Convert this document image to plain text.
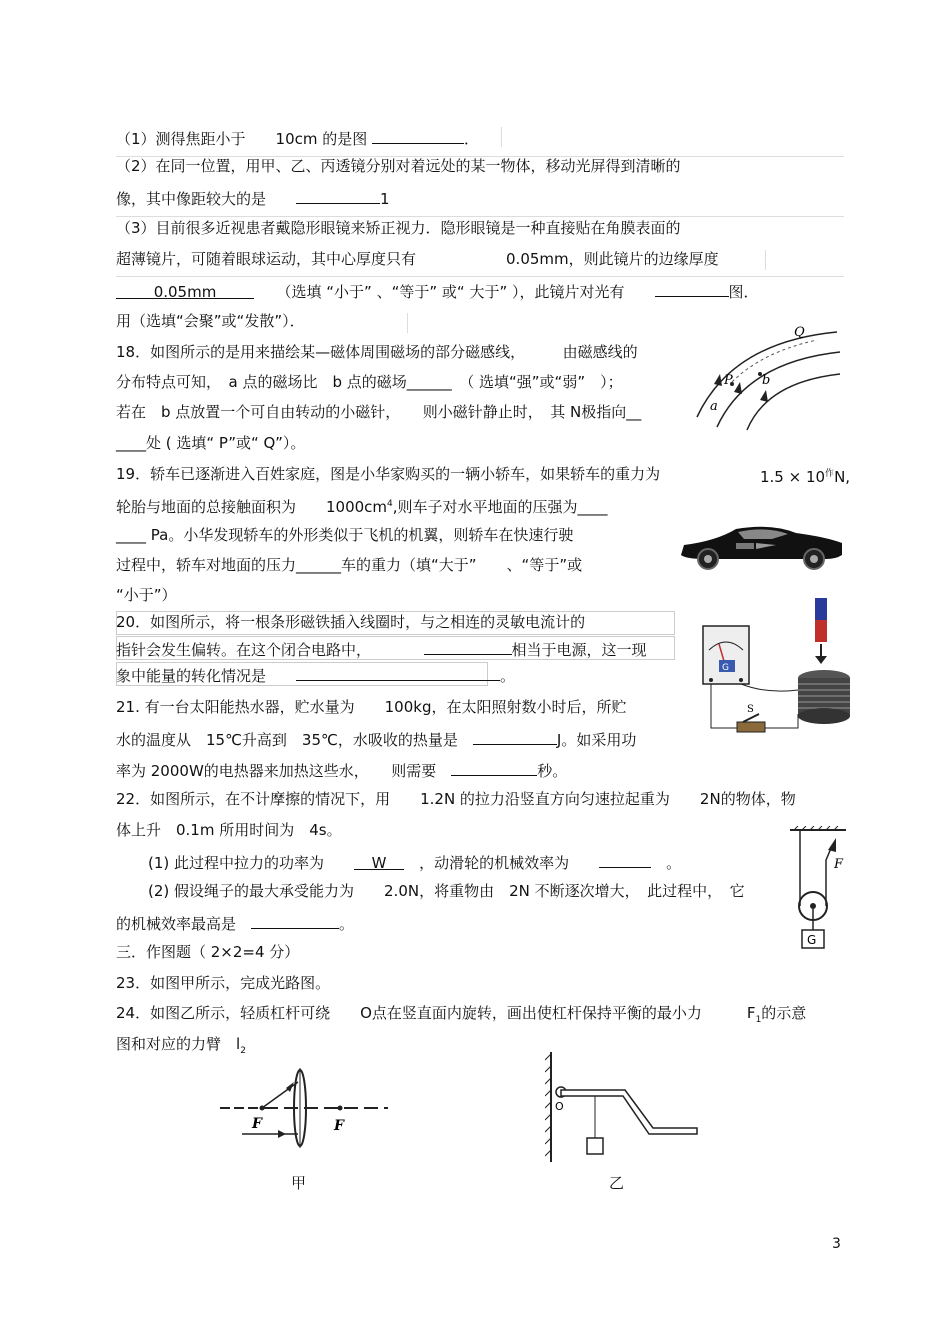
（1）测得焦距小于　　10cm 的是图	．
（2）在同一位置，用甲、乙、丙透镜分别对着远处的某一物体，移动光屏得到清晰的
像，其中像距较大的是　　	1
（3）目前很多近视患者戴隐形眼镜来矫正视力．隐形眼镜是一种直接贴在角膜表面的
超薄镜片，可随着眼球运动，其中心厚度只有　　　　　　0.05mm，则此镜片的边缘厚度
0.05mm　　	（选填 “小于” 、“等于” 或“ 大于” ），此镜片对光有　　	图．
用（选填“会聚”或“发散”）．
18．如图所示的是用来描绘某—磁体周围磁场的部分磁感线，　　　由磁感线的
分布特点可知，　a 点的磁场比　b 点的磁场______　（ 选填“强”或“弱”　）；
若在　b 点放置一个可自由转动的小磁针，　　则小磁针静止时，　其 N极指向__
____处 ( 选填“ P”或“ Q”）。
19．轿车已逐渐进入百姓家庭，图是小华家购买的一辆小轿车，如果轿车的重力为	$1.5 \times 10^作N$,
轮胎与地面的总接触面积为　　$1000cm^4$,则车子对水平地面的压强为____
____ Pa。小华发现轿车的外形类似于飞机的机翼，则轿车在快速行驶
过程中，轿车对地面的压力______车的重力（填“大于”　　、“等于”或
“小于”）
20．如图所示，将一根条形磁铁插入线圈时，与之相连的灵敏电流计的
指针会发生偏转。在这个闭合电路中，　　　　	相当于电源，这一现
象中能量的转化情况是　　	。
21. 有一台太阳能热水器，贮水量为　　100kg，在太阳照射数小时后，所贮
水的温度从　15℃升高到　35℃，水吸收的热量是　	J。如采用功
率为 2000W的电热器来加热这些水，　　则需要　	秒。
22．如图所示，在不计摩擦的情况下，用　　1.2N 的拉力沿竖直方向匀速拉起重为　　2N的物体，物
体上升　0.1m 所用时间为　4s。
(1) 此过程中拉力的功率为　　	W　 ，动滑轮的机械效率为　　　	。
(2) 假设绳子的最大承受能力为　　2.0N，将重物由　2N 不断逐次增大，　此过程中，　它
的机械效率最高是　	。
三．作图题（ 2×2=4 分）
23．如图甲所示，完成光路图。
24．如图乙所示，轻质杠杆可绕　　O点在竖直面内旋转，画出使杠杆保持平衡的最小力　　　	$F_1$的示意
图和对应的力臂　 $l_2$
Q
P b
a
G
S
F
G
F	F
甲
O
乙
3
